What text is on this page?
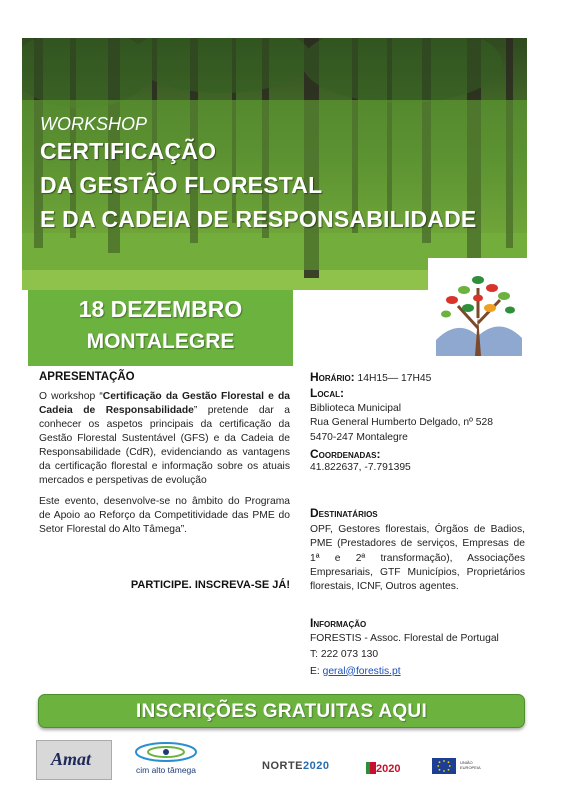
WORKSHOP
CERTIFICAÇÃO
DA GESTÃO FLORESTAL
E DA CADEIA DE RESPONSABILIDADE
18 DEZEMBRO
MONTALEGRE
APRESENTAÇÃO

O workshop “Certificação da Gestão Florestal e da Cadeia de Responsabilidade” pretende dar a conhecer os aspetos principais da certificação da Gestão Florestal Sustentável (GFS) e da Cadeia de Responsabilidade (CdR), evidenciando as vantagens da certificação florestal e informação sobre os atuais mercados e perspetivas de evolução

Este evento, desenvolve-se no âmbito do Programa de Apoio ao Reforço da Competitividade das PME do Setor Florestal do Alto Tâmega”.

PARTICIPE. INSCREVA-SE JÁ!
Horário: 14H15— 17H45
Local:
Biblioteca Municipal
Rua General Humberto Delgado, nº 528
5470-247 Montalegre
Coordenadas:
41.822637, -7.791395
Destinatários
OPF, Gestores florestais, Órgãos de Badios, PME (Prestadores de serviços, Empresas de 1ª e 2ª transformação), Associações Empresariais, GTF Municípios, Proprietários florestais, ICNF, Outros agentes.
Informação
FORESTIS - Assoc. Florestal de Portugal
T: 222 073 130
E: geral@forestis.pt
INSCRIÇÕES GRATUITAS AQUI
Amat
cim alto tâmega	NORTE2020	2020
UNIÃO EUROPEIA
